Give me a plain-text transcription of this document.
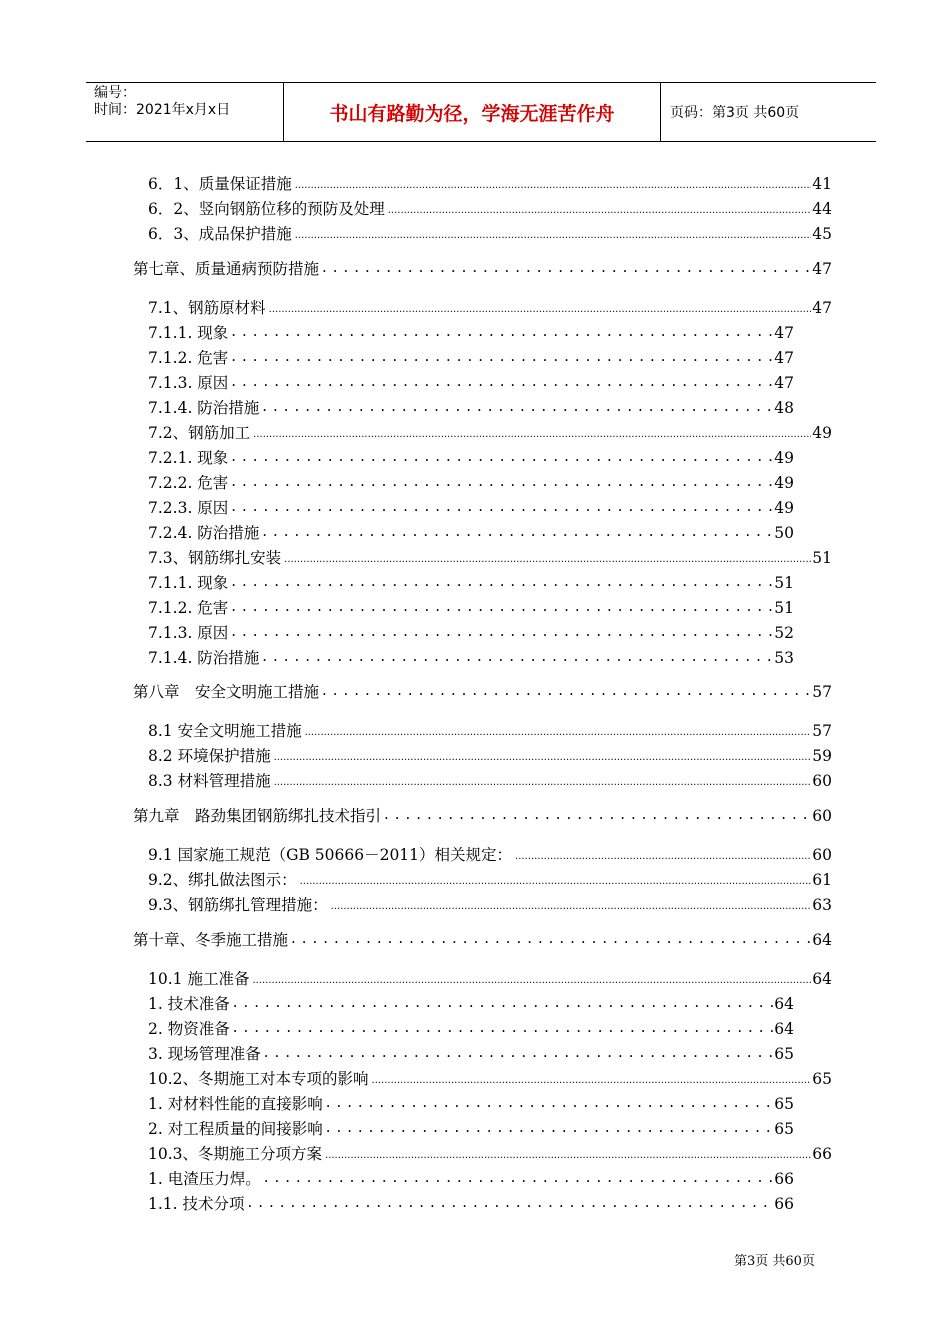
编号：
时间：2021年x月x日	书山有路勤为径，学海无涯苦作舟	页码：第3页 共60页
6．1、质量保证措施 .....	41
6．2、竖向钢筋位移的预防及处理 .....	44
6．3、成品保护措施 .....	45
第七章、质量通病预防措施 . . .	47
7.1、钢筋原材料 .....	47
7.1.1. 现象 . . .	47
7.1.2. 危害 . . .	47
7.1.3. 原因 . . .	47
7.1.4. 防治措施 . . .	48
7.2、钢筋加工 .....	49
7.2.1. 现象 . . .	49
7.2.2. 危害 . . .	49
7.2.3. 原因 . . .	49
7.2.4. 防治措施 . . .	50
7.3、钢筋绑扎安装 .....	51
7.1.1. 现象 . . .	51
7.1.2. 危害 . . .	51
7.1.3. 原因 . . .	52
7.1.4. 防治措施 . . .	53
第八章　安全文明施工措施 . . .	57
8.1 安全文明施工措施 .....	57
8.2 环境保护措施 .....	59
8.3 材料管理措施 .....	60
第九章　路劲集团钢筋绑扎技术指引 . . .	60
9.1 国家施工规范（GB 50666－2011）相关规定： .....	60
9.2、绑扎做法图示： .....	61
9.3、钢筋绑扎管理措施： .....	63
第十章、冬季施工措施 . . .	64
10.1 施工准备 .....	64
1. 技术准备 . . .	64
2. 物资准备 . . .	64
3. 现场管理准备 . . .	65
10.2、冬期施工对本专项的影响 .....	65
1. 对材料性能的直接影响 . . .	65
2. 对工程质量的间接影响 . . .	65
10.3、冬期施工分项方案 .....	66
1. 电渣压力焊。 . . .	66
1.1. 技术分项 . . .	66
第3页 共60页
